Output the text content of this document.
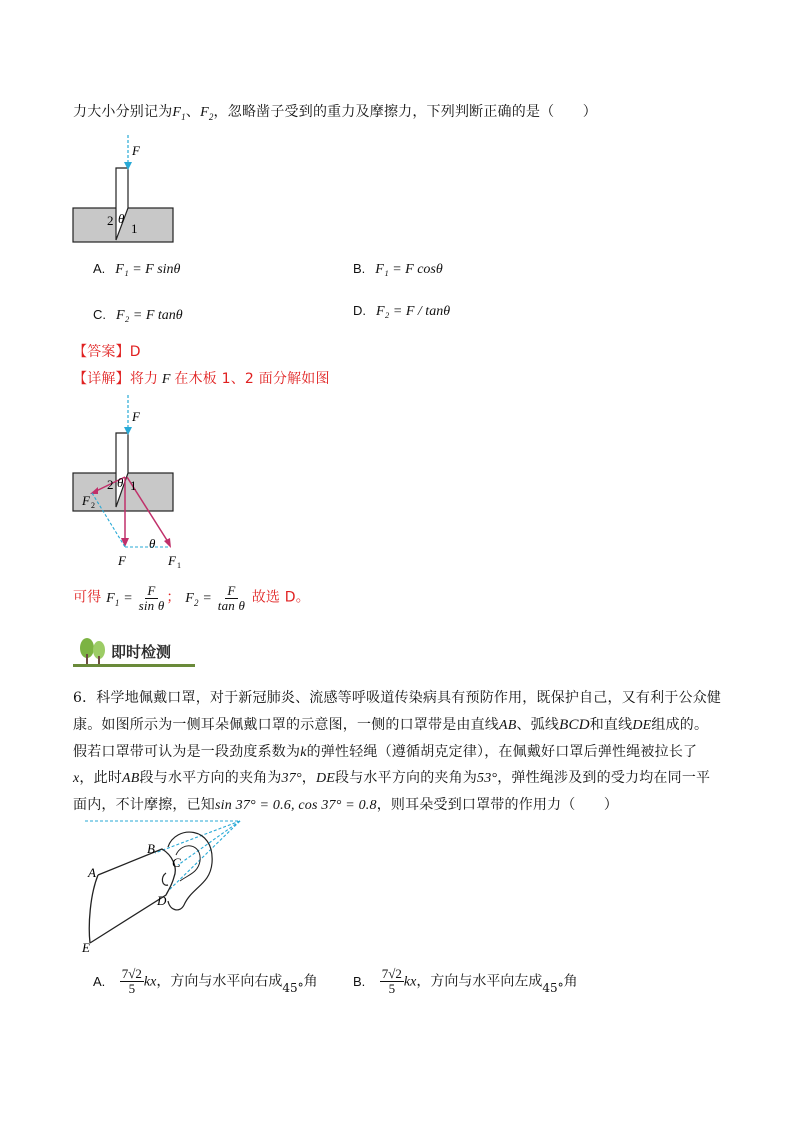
力大小分别记为$F_1$、$F_2$，忽略凿子受到的重力及摩擦力，下列判断正确的是（　　）
F
2 θ
1
A. F₁ = F sinθ	B. F₁ = F cosθ
C. F₂ = F tanθ	D. F₂ = F / tanθ
【答案】D
【详解】将力 F 在木板 1、2 面分解如图
F
2 θ 1
F 2
θ
F	F 1
可得 $F_1 = \frac{F}{\text{sin θ}}$ ； $F_2 = \frac{F}{\text{tan θ}}$ 故选 D。
即时检测
6．科学地佩戴口罩，对于新冠肺炎、流感等呼吸道传染病具有预防作用，既保护自己，又有利于公众健
康。如图所示为一侧耳朵佩戴口罩的示意图，一侧的口罩带是由直线AB、弧线BCD和直线DE组成的。
假若口罩带可认为是一段劲度系数为k的弹性轻绳（遵循胡克定律），在佩戴好口罩后弹性绳被拉长了
x，此时AB段与水平方向的夹角为37°，DE段与水平方向的夹角为53°，弹性绳涉及到的受力均在同一平
面内，不计摩擦，已知sin 37° = 0.6, cos 37° = 0.8，则耳朵受到口罩带的作用力（　　）
A
B
C
D
E
A. $\frac{7√2}{5}$ kx，方向与水平向右成45°角	B. $\frac{7√2}{5}$ kx，方向与水平向左成45°角
